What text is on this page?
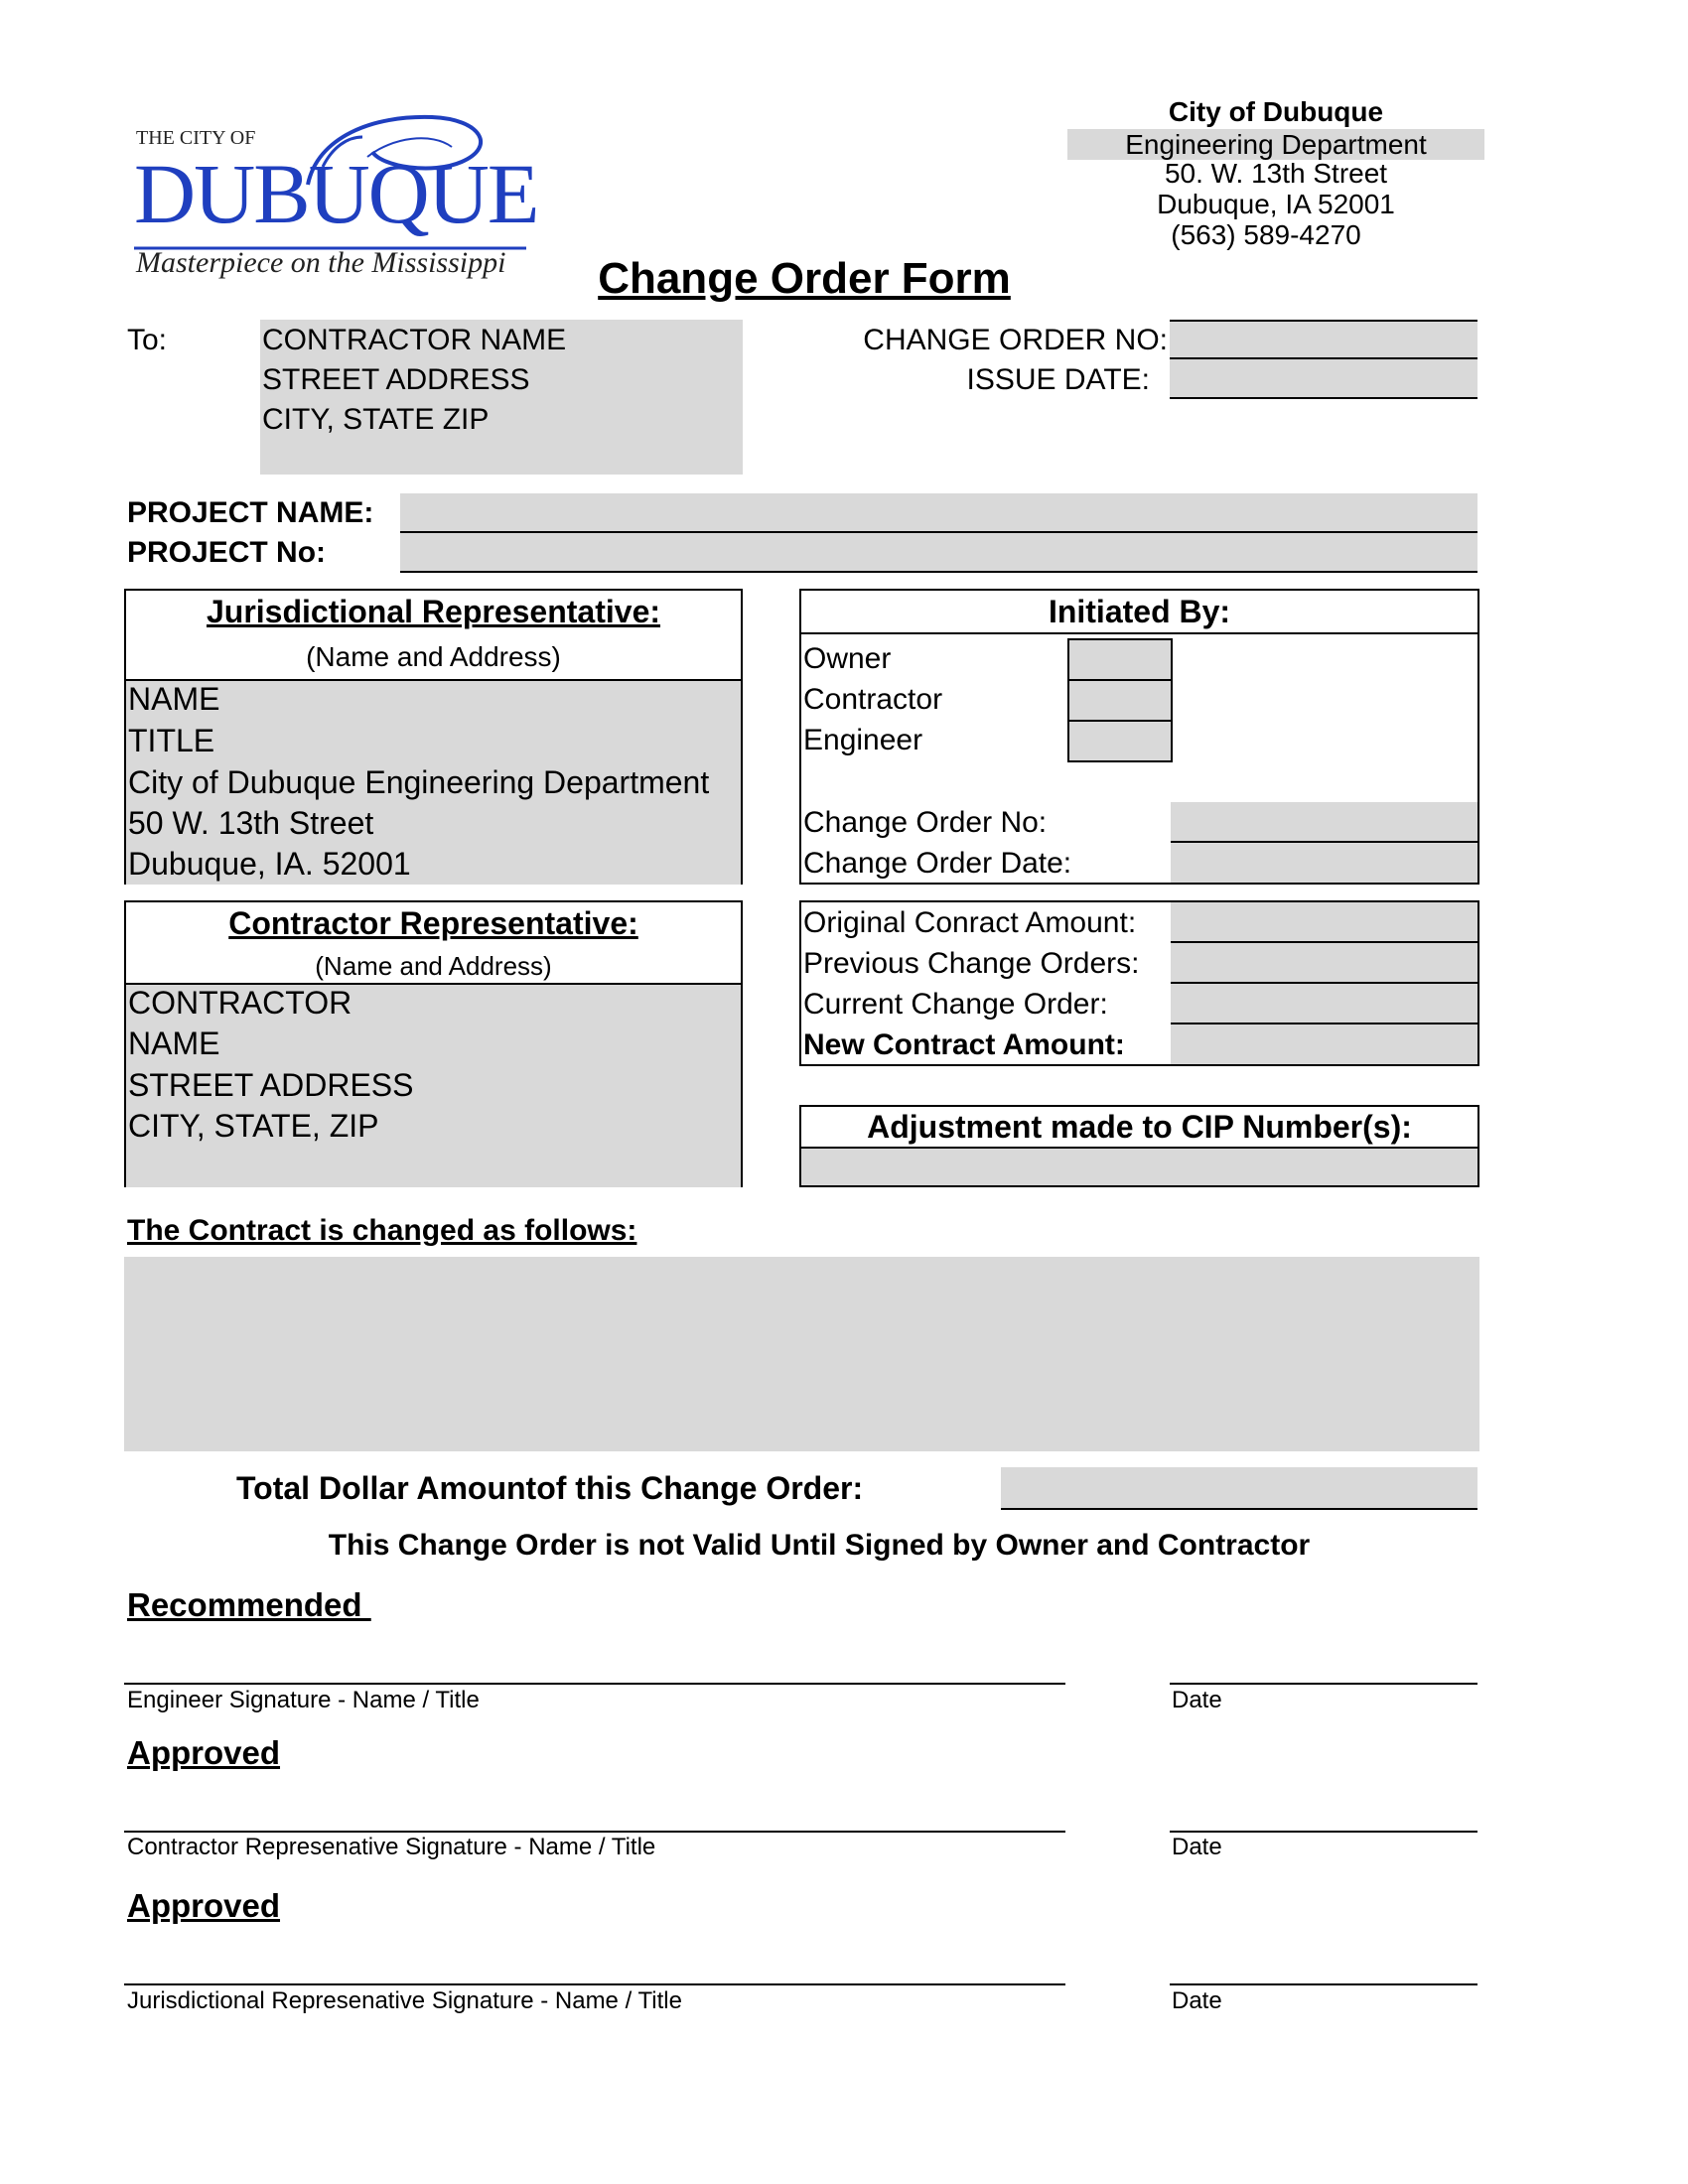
THE CITY OF
DUBUQUE
Masterpiece on the Mississippi
City of Dubuque
Engineering Department
50. W. 13th Street
Dubuque, IA 52001
(563) 589-4270
Change Order Form
To:	CONTRACTOR NAME
STREET ADDRESS
CITY, STATE ZIP
CHANGE ORDER NO:
ISSUE DATE:
PROJECT NAME:
PROJECT No:
Jurisdictional Representative:
(Name and Address)
NAME
TITLE
City of Dubuque Engineering Department
50 W. 13th Street
Dubuque, IA. 52001
Initiated By:
Owner
Contractor
Engineer
Change Order No:
Change Order Date:
Contractor Representative:
(Name and Address)
CONTRACTOR
NAME
STREET ADDRESS
CITY, STATE, ZIP
Original Conract Amount:
Previous Change Orders:
Current Change Order:
New Contract Amount:
Adjustment made to CIP Number(s):
The Contract is changed as follows:
Total Dollar Amountof this Change Order:
This Change Order is not Valid Until Signed by Owner and Contractor
Recommended
Engineer Signature - Name / Title	Date
Approved
Contractor Represenative Signature - Name / Title	Date
Approved
Jurisdictional Represenative Signature - Name / Title	Date
